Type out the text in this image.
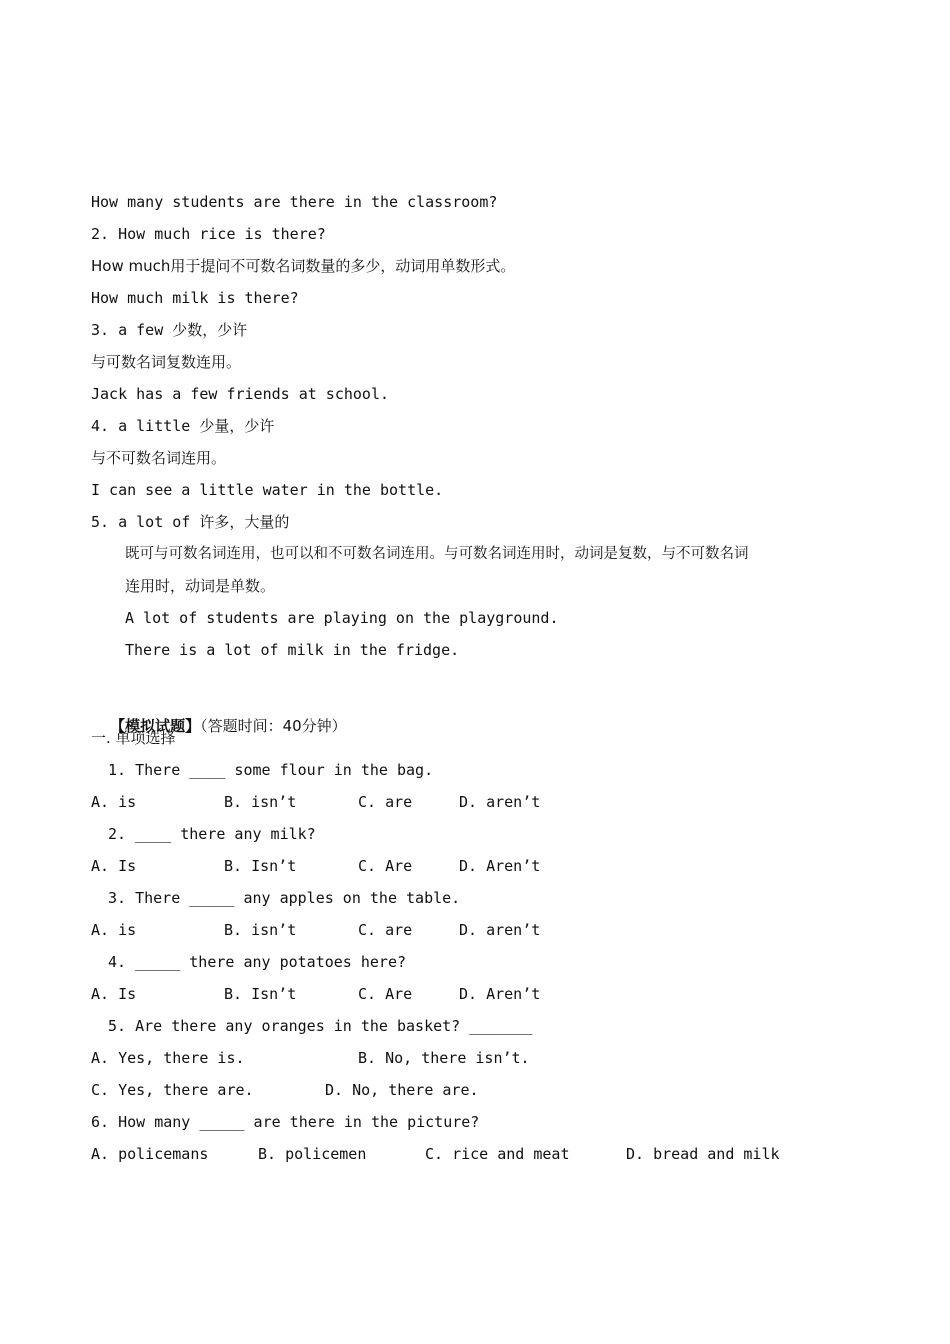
How many students are there in the classroom?
2. How much rice is there?
How much用于提问不可数名词数量的多少，动词用单数形式。
How much milk is there?
3. a few 少数，少许
与可数名词复数连用。
Jack has a few friends at school.
4. a little 少量，少许
与不可数名词连用。
I can see a little water in the bottle.
5. a lot of 许多，大量的
既可与可数名词连用，也可以和不可数名词连用。与可数名词连用时，动词是复数，与不可数名词
连用时，动词是单数。
A lot of students are playing on the playground.
There is a lot of milk in the fridge.

【模拟试题】（答题时间：40分钟）

一. 单项选择
1. There ____ some flour in the bag.
A. is	B. isn’t	C. are	D. aren’t
2. ____ there any milk?
A. Is	B. Isn’t	C. Are	D. Aren’t
3. There _____ any apples on the table.
A. is	B. isn’t	C. are	D. aren’t
4. _____ there any potatoes here?
A. Is	B. Isn’t	C. Are	D. Aren’t
5. Are there any oranges in the basket? _______
A. Yes, there is.	B. No, there isn’t.
C. Yes, there are.	D. No, there are.
6. How many _____ are there in the picture?
A. policemans	B. policemen	C. rice and meat	D. bread and milk
